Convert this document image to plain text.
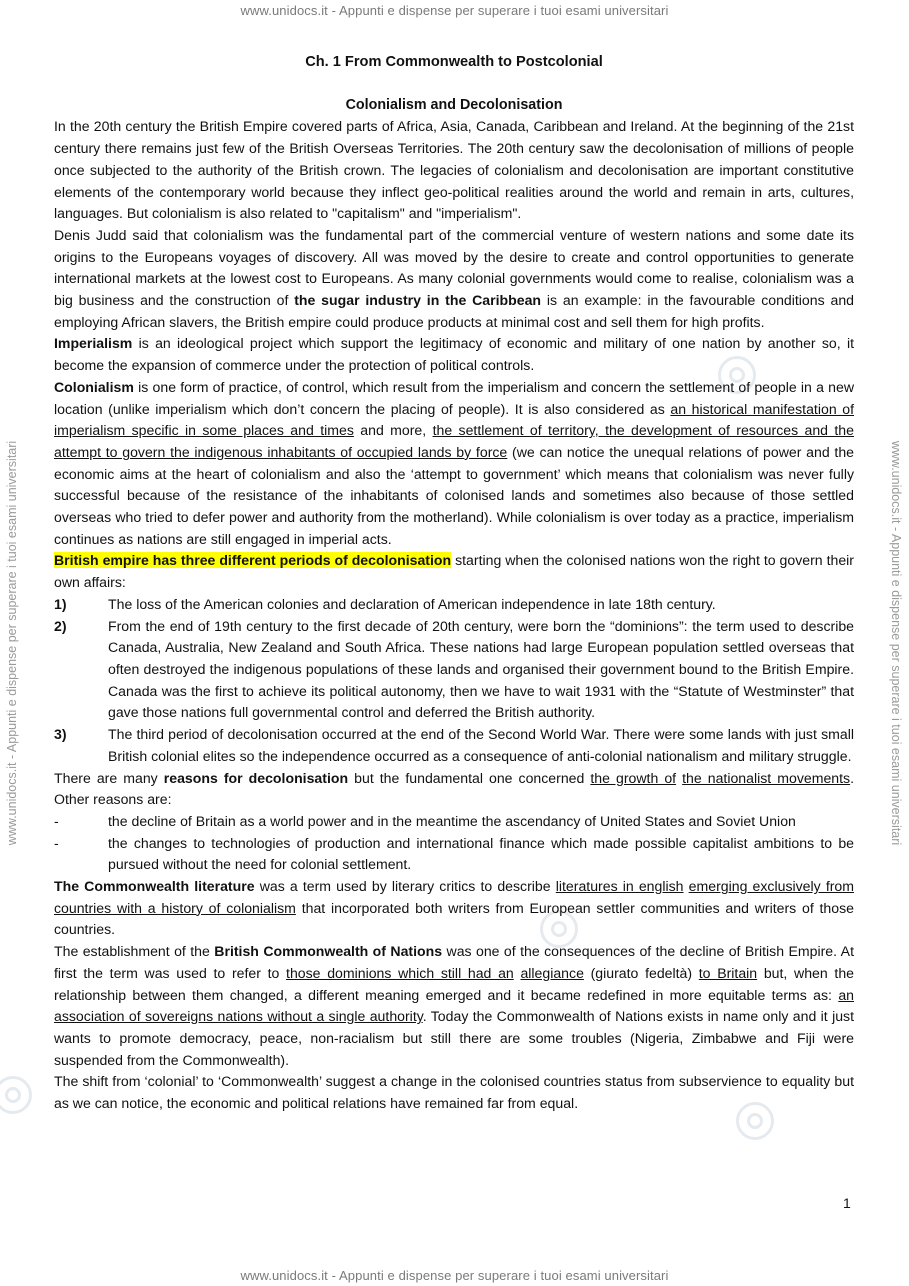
www.unidocs.it - Appunti e dispense per superare i tuoi esami universitari
www.unidocs.it - Appunti e dispense per superare i tuoi esami universitari
www.unidocs.it - Appunti e dispense per superare i tuoi esami universitari	www.unidocs.it - Appunti e dispense per superare i tuoi esami universitari

Ch. 1 From Commonwealth to Postcolonial

Colonialism and Decolonisation

In the 20th century the British Empire covered parts of Africa, Asia, Canada, Caribbean and Ireland. At the beginning of the 21st century there remains just few of the British Overseas Territories. The 20th century saw the decolonisation of millions of people once subjected to the authority of the British crown. The legacies of colonialism and decolonisation are important constitutive elements of the contemporary world because they inflect geo-political realities around the world and remain in arts, cultures, languages. But colonialism is also related to "capitalism" and "imperialism".

Denis Judd said that colonialism was the fundamental part of the commercial venture of western nations and some date its origins to the Europeans voyages of discovery. All was moved by the desire to create and control opportunities to generate international markets at the lowest cost to Europeans. As many colonial governments would come to realise, colonialism was a big business and the construction of the sugar industry in the Caribbean is an example: in the favourable conditions and employing African slavers, the British empire could produce products at minimal cost and sell them for high profits.

Imperialism is an ideological project which support the legitimacy of economic and military of one nation by another so, it become the expansion of commerce under the protection of political controls.

Colonialism is one form of practice, of control, which result from the imperialism and concern the settlement of people in a new location (unlike imperialism which don’t concern the placing of people). It is also considered as an historical manifestation of imperialism specific in some places and times and more, the settlement of territory, the development of resources and the attempt to govern the indigenous inhabitants of occupied lands by force (we can notice the unequal relations of power and the economic aims at the heart of colonialism and also the ‘attempt to government’ which means that colonialism was never fully successful because of the resistance of the inhabitants of colonised lands and sometimes also because of those settled overseas who tried to defer power and authority from the motherland). While colonialism is over today as a practice, imperialism continues as nations are still engaged in imperial acts.

British empire has three different periods of decolonisation starting when the colonised nations won the right to govern their own affairs:

1)	The loss of the American colonies and declaration of American independence in late 18th century.
2)	From the end of 19th century to the first decade of 20th century, were born the “dominions”: the term used to describe Canada, Australia, New Zealand and South Africa. These nations had large European population settled overseas that often destroyed the indigenous populations of these lands and organised their government bound to the British Empire. Canada was the first to achieve its political autonomy, then we have to wait 1931 with the “Statute of Westminster” that gave those nations full governmental control and deferred the British authority.
3)	The third period of decolonisation occurred at the end of the Second World War. There were some lands with just small British colonial elites so the independence occurred as a consequence of anti-colonial nationalism and military struggle.

There are many reasons for decolonisation but the fundamental one concerned the growth of the nationalist movements. Other reasons are:

-	the decline of Britain as a world power and in the meantime the ascendancy of United States and Soviet Union
-	the changes to technologies of production and international finance which made possible capitalist ambitions to be pursued without the need for colonial settlement.

The Commonwealth literature was a term used by literary critics to describe literatures in english emerging exclusively from countries with a history of colonialism that incorporated both writers from European settler communities and writers of those countries.

The establishment of the British Commonwealth of Nations was one of the consequences of the decline of British Empire. At first the term was used to refer to those dominions which still had an allegiance (giurato fedeltà) to Britain but, when the relationship between them changed, a different meaning emerged and it became redefined in more equitable terms as: an association of sovereigns nations without a single authority. Today the Commonwealth of Nations exists in name only and it just wants to promote democracy, peace, non-racialism but still there are some troubles (Nigeria, Zimbabwe and Fiji were suspended from the Commonwealth).

The shift from ‘colonial’ to ‘Commonwealth’ suggest a change in the colonised countries status from subservience to equality but as we can notice, the economic and political relations have remained far from equal.

1
